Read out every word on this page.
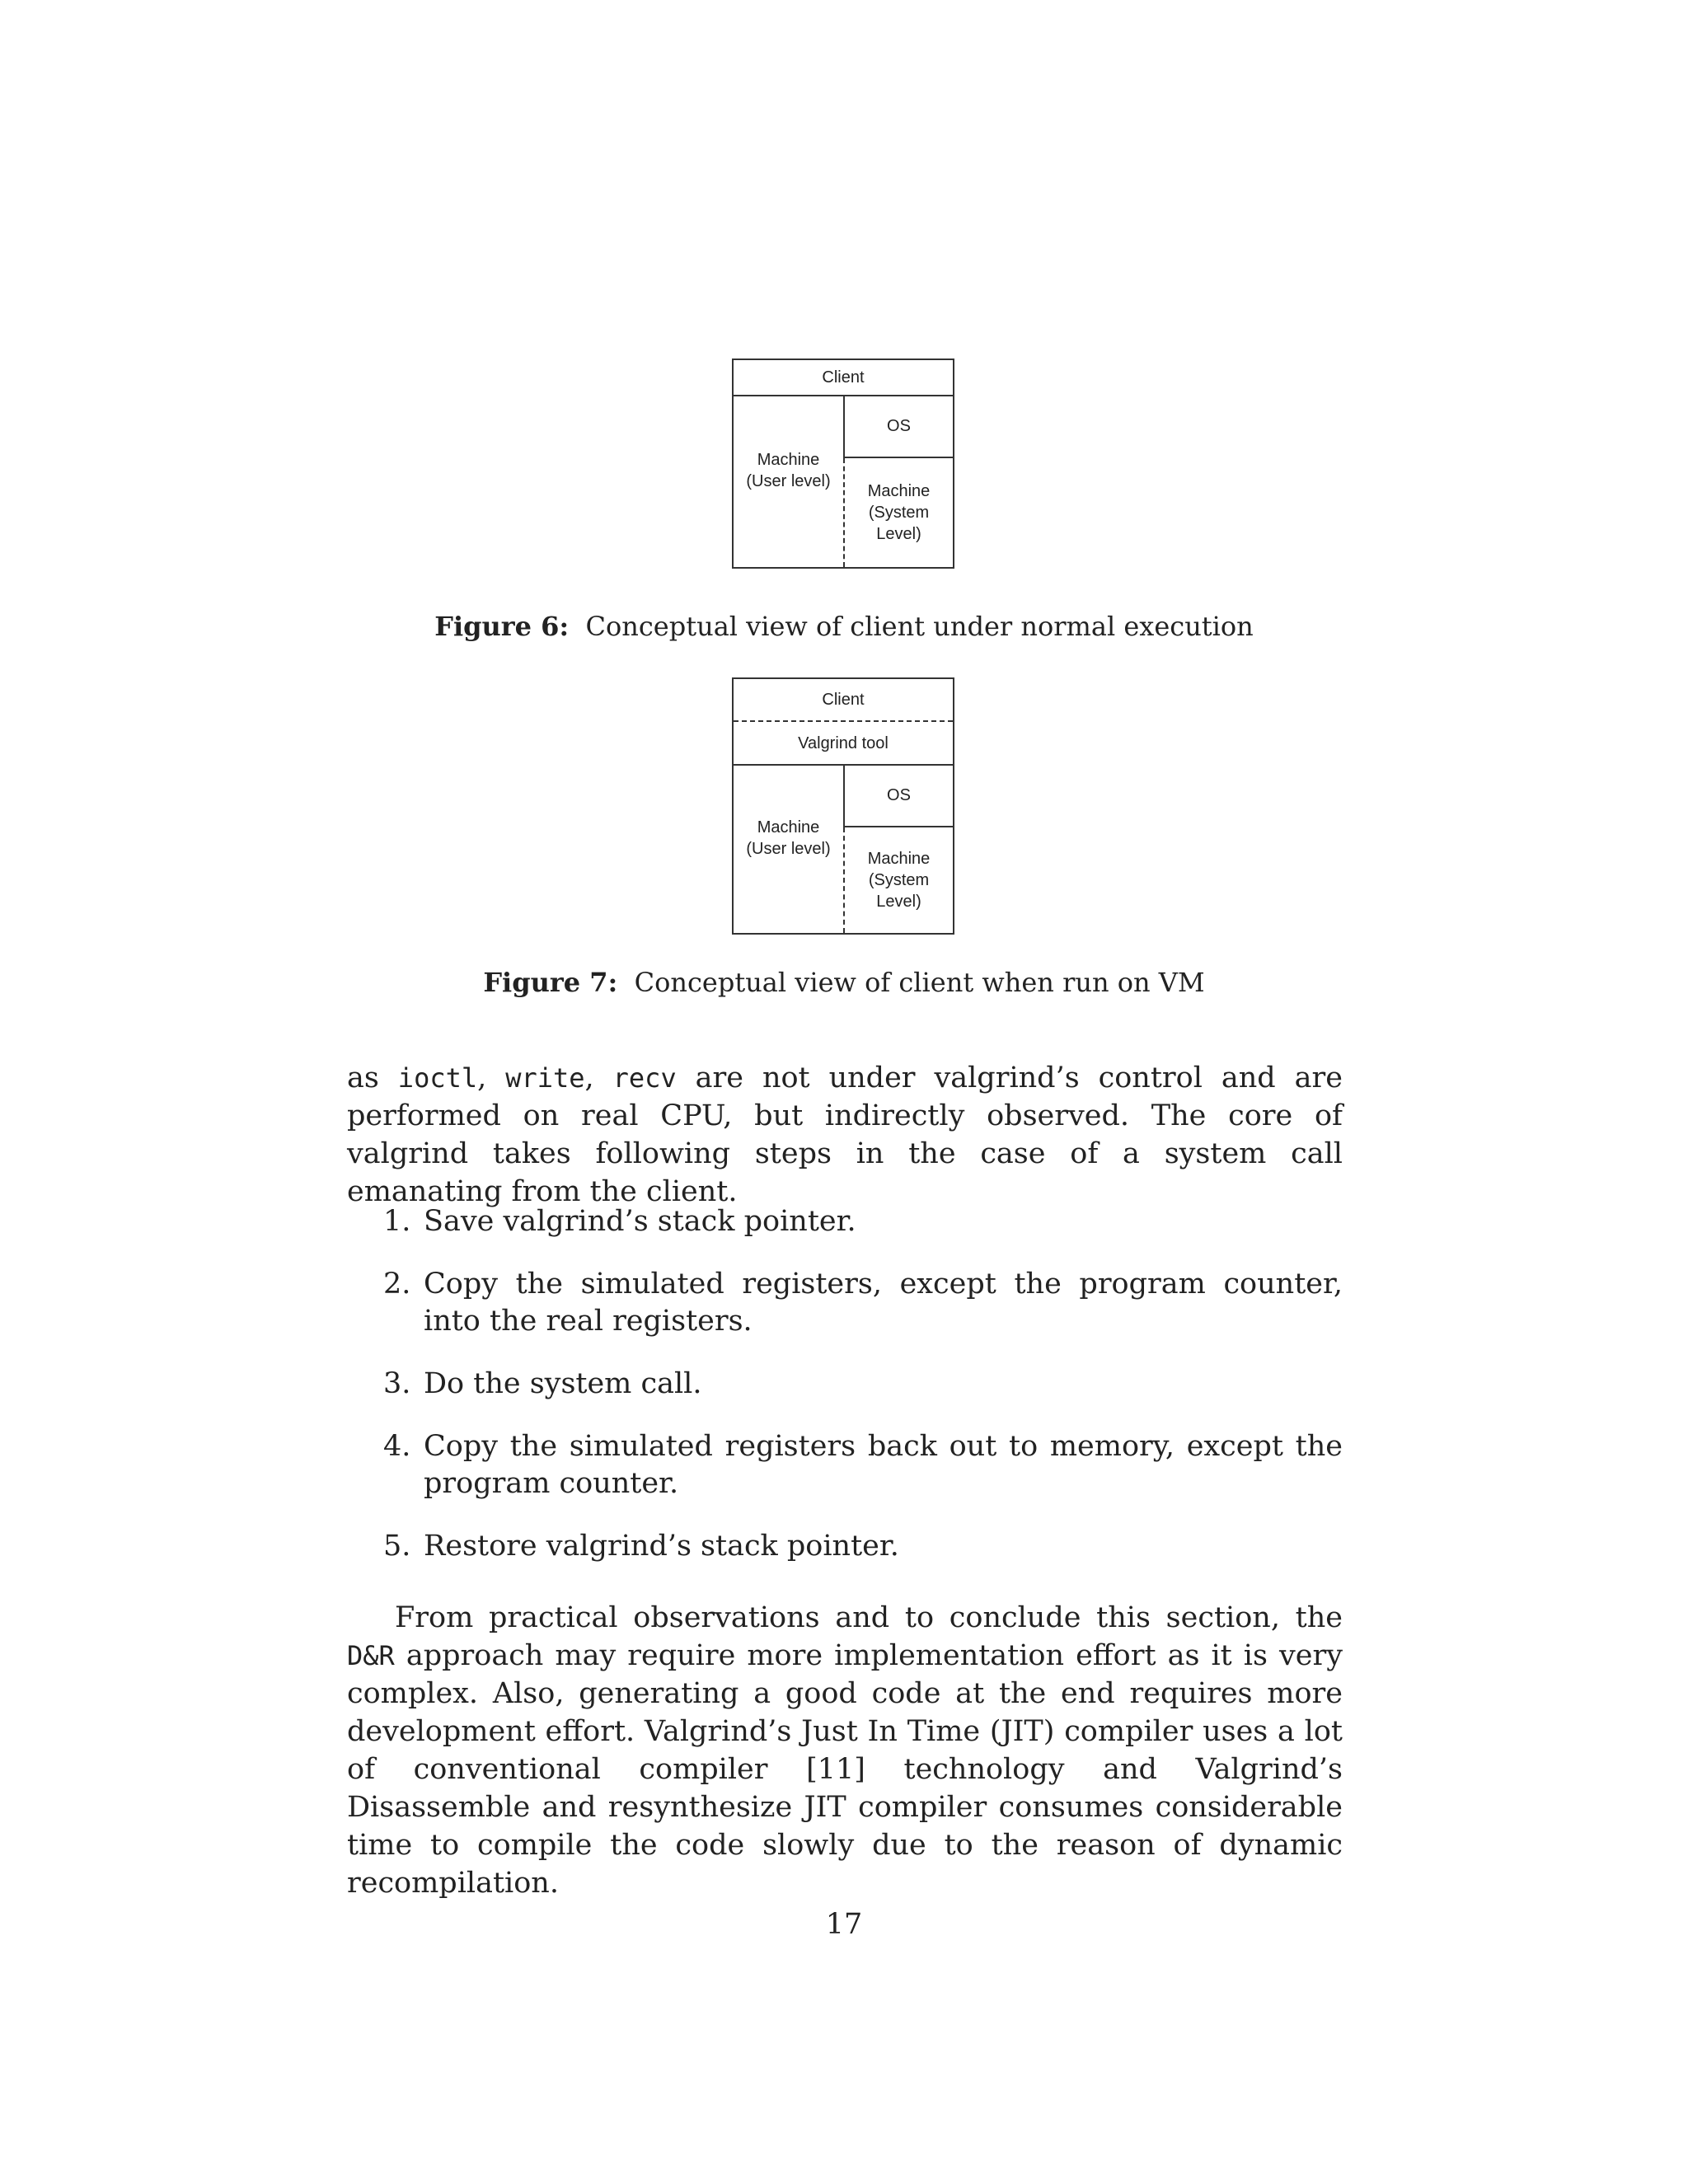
Client
OS
Machine
(User level)
Machine
(System
Level)
Figure 6: Conceptual view of client under normal execution
Client
Valgrind tool
OS
Machine
(User level)
Machine
(System
Level)
Figure 7: Conceptual view of client when run on VM
as ioctl, write, recv are not under valgrind’s control and are performed on real CPU, but indirectly observed. The core of valgrind takes following steps in the case of a system call emanating from the client.
1. Save valgrind’s stack pointer.
2. Copy the simulated registers, except the program counter, into the real registers.
3. Do the system call.
4. Copy the simulated registers back out to memory, except the program counter.
5. Restore valgrind’s stack pointer.
From practical observations and to conclude this section, the D&R approach may require more implementation effort as it is very complex. Also, generating a good code at the end requires more development effort. Valgrind’s Just In Time (JIT) compiler uses a lot of conventional compiler [11] technology and Valgrind’s Disassemble and resynthesize JIT compiler consumes considerable time to compile the code slowly due to the reason of dynamic recompilation.
17
